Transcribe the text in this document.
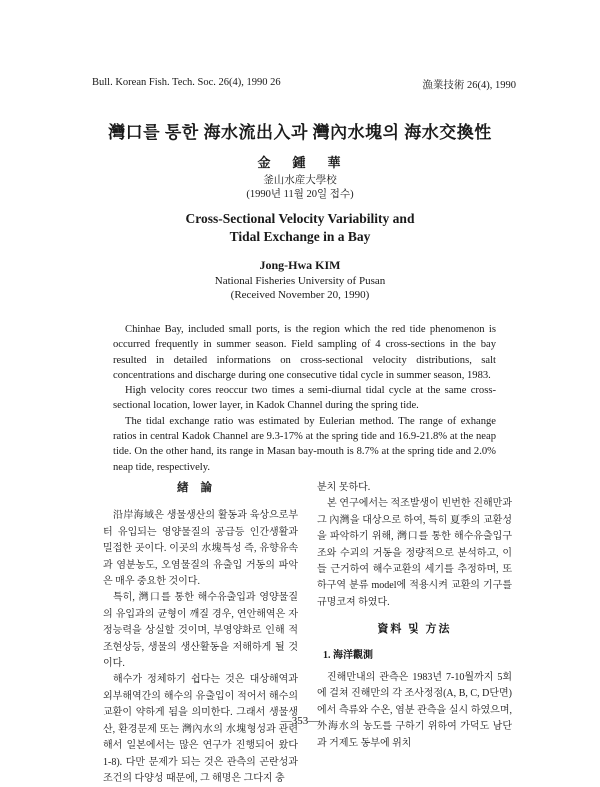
Bull. Korean Fish. Tech. Soc. 26(4), 1990 26	漁業技術 26(4), 1990
灣口를 통한 海水流出入과 灣內水塊의 海水交換性
金鍾華
釜山水産大學校
(1990년 11월 20일 접수)
Cross-Sectional Velocity Variability and
Tidal Exchange in a Bay
Jong-Hwa KIM
National Fisheries University of Pusan
(Received November 20, 1990)

Chinhae Bay, included small ports, is the region which the red tide phenomenon is occurred frequently in summer season. Field sampling of 4 cross-sections in the bay resulted in detailed informations on cross-sectional velocity distributions, salt concentrations and discharge during one consecutive tidal cycle in summer season, 1983.

High velocity cores reoccur two times a semi-diurnal tidal cycle at the same cross-sectional location, lower layer, in Kadok Channel during the spring tide.

The tidal exchange ratio was estimated by Eulerian method. The range of exhange ratios in central Kadok Channel are 9.3-17% at the spring tide and 16.9-21.8% at the neap tide. On the other hand, its range in Masan bay-mouth is 8.7% at the spring tide and 2.0% neap tide, respectively.

緖論

沿岸海域은 생물생산의 활동과 육상으로부터 유입되는 영양물질의 공급등 인간생활과 밀접한 곳이다. 이곳의 水塊특성 즉, 유향유속과 염분농도, 오염물질의 유출입 거동의 파악은 매우 중요한 것이다.

특히, 灣口를 통한 해수유출입과 영양물질의 유입과의 균형이 깨질 경우, 연안해역은 자정능력을 상실할 것이며, 부영양화로 인해 적조현상등, 생물의 생산활동을 저해하게 될 것이다.

해수가 정체하기 쉽다는 것은 대상해역과 외부해역간의 해수의 유출입이 적어서 해수의 교환이 약하게 됨을 의미한다. 그래서 생물생산, 환경문제 또는 灣內水의 水塊형성과 관련해서 일본에서는 많은 연구가 진행되어 왔다 1-8). 다만 문제가 되는 것은 관측의 곤란성과 조건의 다양성 때문에, 그 해명은 그다지 충

분치 못하다.

본 연구에서는 적조발생이 빈번한 진해만과 그 內灣을 대상으로 하여, 특히 夏季의 교환성을 파악하기 위해, 灣口를 통한 해수유출입구조와 수괴의 거동을 정량적으로 분석하고, 이들 근거하여 해수교환의 세기를 추정하며, 또 하구역 분류 model에 적용시켜 교환의 기구를 규명코져 하였다.

資料 및 方法
1. 海洋觀測

진해만내의 관측은 1983년 7-10월까지 5회에 걸쳐 진해만의 각 조사정점(A, B, C, D단면)에서 측류와 수온, 염분 관측을 실시 하였으며, 外海水의 농도를 구하기 위하여 가덕도 남단과 거제도 동부에 위치

—353—
